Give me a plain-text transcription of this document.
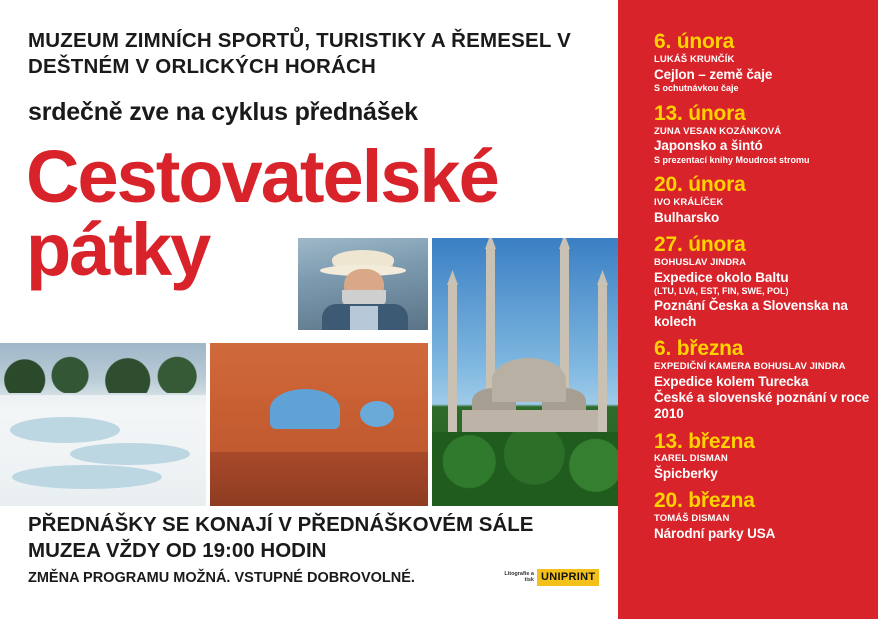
MUZEUM ZIMNÍCH SPORTŮ, TURISTIKY A ŘEMESEL V DEŠTNÉM V ORLICKÝCH HORÁCH
srdečně zve na cyklus přednášek
Cestovatelské
pátky
PŘEDNÁŠKY SE KONAJÍ V PŘEDNÁŠKOVÉM SÁLE MUZEA VŽDY OD 19:00 HODIN
ZMĚNA PROGRAMU MOŽNÁ. VSTUPNÉ DOBROVOLNÉ.	Litografie a tisk UNIPRINT
6. února
LUKÁŠ KRUNČÍK
Cejlon – země čaje
S ochutnávkou čaje
13. února
ZUNA VESAN KOZÁNKOVÁ
Japonsko a šintó
S prezentací knihy Moudrost stromu
20. února
IVO KRÁLÍČEK
Bulharsko
27. února
BOHUSLAV JINDRA
Expedice okolo Baltu
(LTU, LVA, EST, FIN, SWE, POL)
Poznání Česka a Slovenska na kolech
6. března
EXPEDIČNÍ KAMERA BOHUSLAV JINDRA
Expedice kolem Turecka
České a slovenské poznání v roce 2010
13. března
KAREL DISMAN
Špicberky
20. března
TOMÁŠ DISMAN
Národní parky USA
